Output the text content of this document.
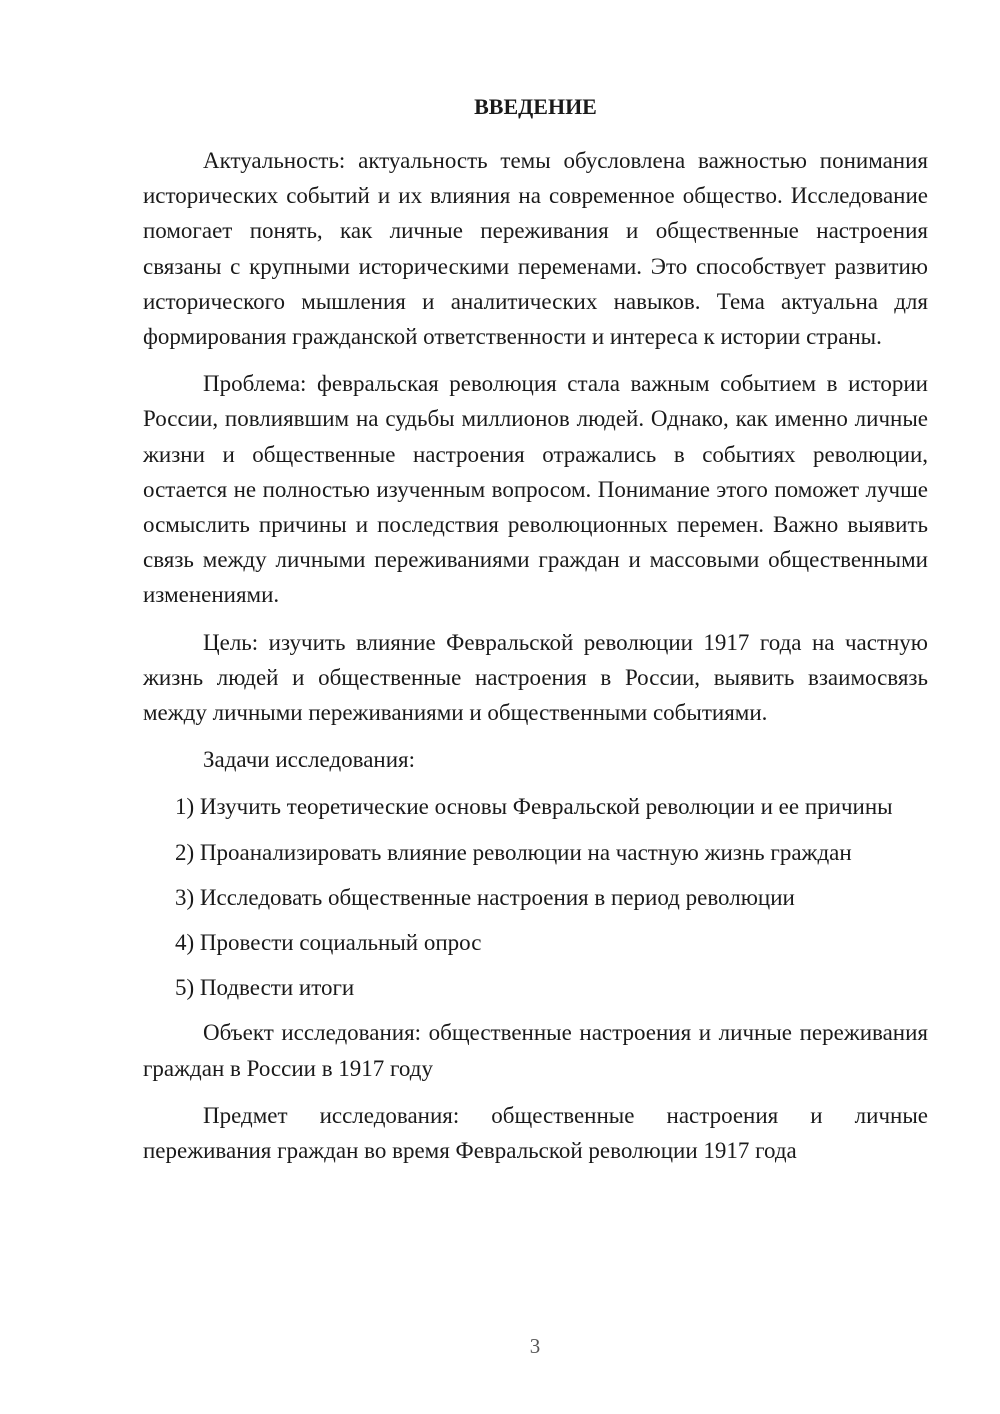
ВВЕДЕНИЕ

Актуальность: актуальность темы обусловлена важностью понимания исторических событий и их влияния на современное общество. Исследование помогает понять, как личные переживания и общественные настроения связаны с крупными историческими переменами. Это способствует развитию исторического мышления и аналитических навыков. Тема актуальна для формирования гражданской ответственности и интереса к истории страны.

Проблема: февральская революция стала важным событием в истории России, повлиявшим на судьбы миллионов людей. Однако, как именно личные жизни и общественные настроения отражались в событиях революции, остается не полностью изученным вопросом. Понимание этого поможет лучше осмыслить причины и последствия революционных перемен. Важно выявить связь между личными переживаниями граждан и массовыми общественными изменениями.

Цель: изучить влияние Февральской революции 1917 года на частную жизнь людей и общественные настроения в России, выявить взаимосвязь между личными переживаниями и общественными событиями.

Задачи исследования:

1) Изучить теоретические основы Февральской революции и ее причины

2) Проанализировать влияние революции на частную жизнь граждан

3) Исследовать общественные настроения в период революции

4) Провести социальный опрос

5) Подвести итоги

Объект исследования: общественные настроения и личные переживания граждан в России в 1917 году

Предмет исследования: общественные настроения и личные переживания граждан во время Февральской революции 1917 года

3
